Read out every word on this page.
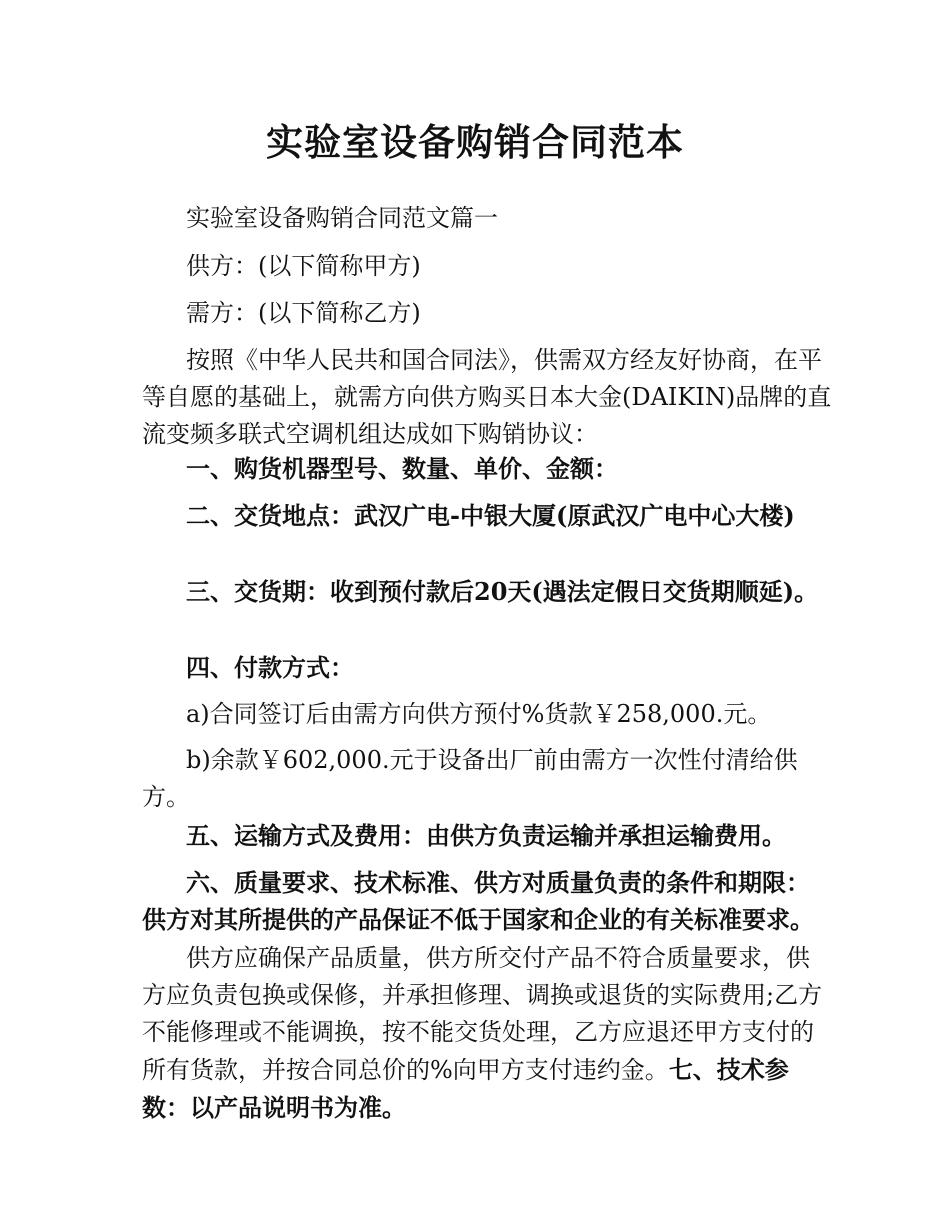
实验室设备购销合同范本

实验室设备购销合同范文篇一

供方：(以下简称甲方)

需方：(以下简称乙方)

按照《中华人民共和国合同法》，供需双方经友好协商，在平等自愿的基础上，就需方向供方购买日本大金(DAIKIN)品牌的直流变频多联式空调机组达成如下购销协议：

一、购货机器型号、数量、单价、金额：

二、交货地点：武汉广电-中银大厦(原武汉广电中心大楼)

三、交货期：收到预付款后20天(遇法定假日交货期顺延)。

四、付款方式：

a)合同签订后由需方向供方预付%货款￥258,000.元。

b)余款￥602,000.元于设备出厂前由需方一次性付清给供方。

五、运输方式及费用：由供方负责运输并承担运输费用。

六、质量要求、技术标准、供方对质量负责的条件和期限：供方对其所提供的产品保证不低于国家和企业的有关标准要求。

供方应确保产品质量，供方所交付产品不符合质量要求，供方应负责包换或保修，并承担修理、调换或退货的实际费用;乙方不能修理或不能调换，按不能交货处理，乙方应退还甲方支付的所有货款，并按合同总价的%向甲方支付违约金。七、技术参数：以产品说明书为准。
